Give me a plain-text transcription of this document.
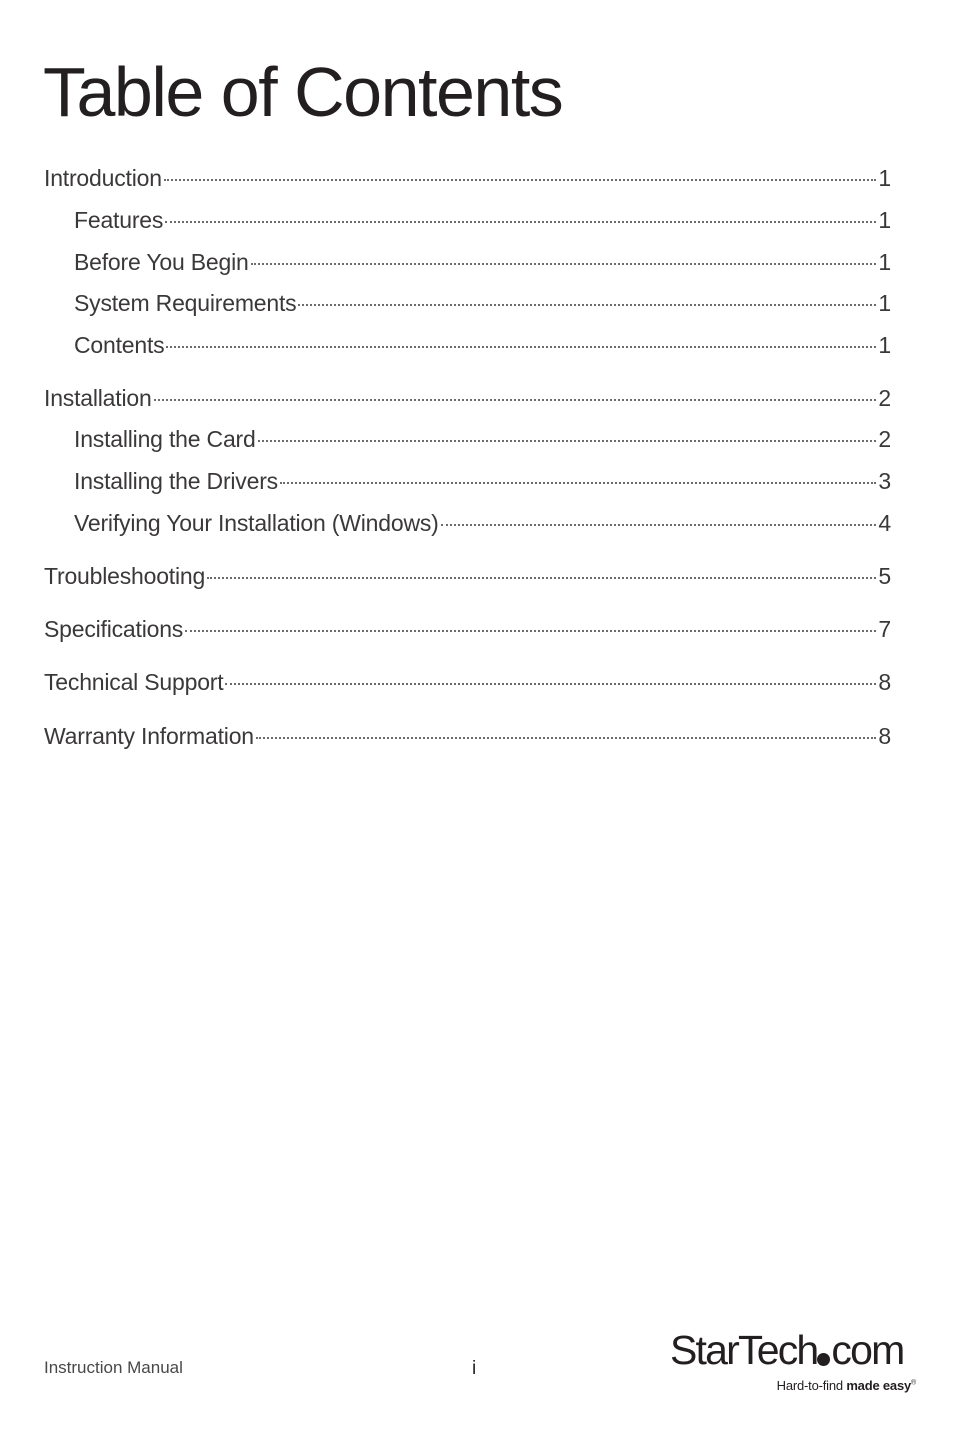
Table of Contents
Introduction	1
Features	1
Before You Begin	1
System Requirements	1
Contents	1
Installation	2
Installing the Card	2
Installing the Drivers	3
Verifying Your Installation (Windows)	4
Troubleshooting	5
Specifications	7
Technical Support	8
Warranty Information	8
Instruction Manual	i	StarTech com
Hard-to-find made easy®
